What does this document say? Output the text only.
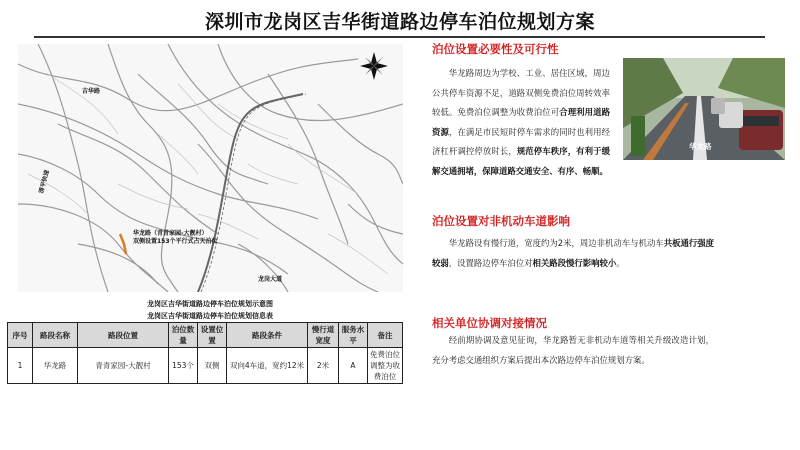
深圳市龙岗区吉华街道路边停车泊位规划方案
吉华路
清平快速
龙岗大道
华龙路（青青家园-大靓村）
双侧设置153个平行式占天泊位
龙岗区吉华街道路边停车泊位规划示意图
龙岗区吉华街道路边停车泊位规划信息表
序号	路段名称	路段位置	泊位数量	设置位置	路段条件	慢行道宽度	服务水平	备注
1	华龙路	青青家园-大靓村	153个	双侧	双向4车道，宽约12米	2米	A	免费泊位调整为收费泊位
泊位设置必要性及可行性
华龙路周边为学校、工业、居住区域，周边公共停车资源不足，道路双侧免费泊位周转效率较低。免费泊位调整为收费泊位可合理利用道路资源，在满足市民短时停车需求的同时也利用经济杠杆调控停放时长，规范停车秩序，有利于缓解交通拥堵，保障道路交通安全、有序、畅顺。
华龙路
泊位设置对非机动车道影响
华龙路设有慢行道，宽度约为2米，周边非机动车与机动车共板通行强度较弱，设置路边停车泊位对相关路段慢行影响较小。
相关单位协调对接情况
经前期协调及意见征询，华龙路暂无非机动车道等相关升级改造计划，充分考虑交通组织方案后提出本次路边停车泊位规划方案。
